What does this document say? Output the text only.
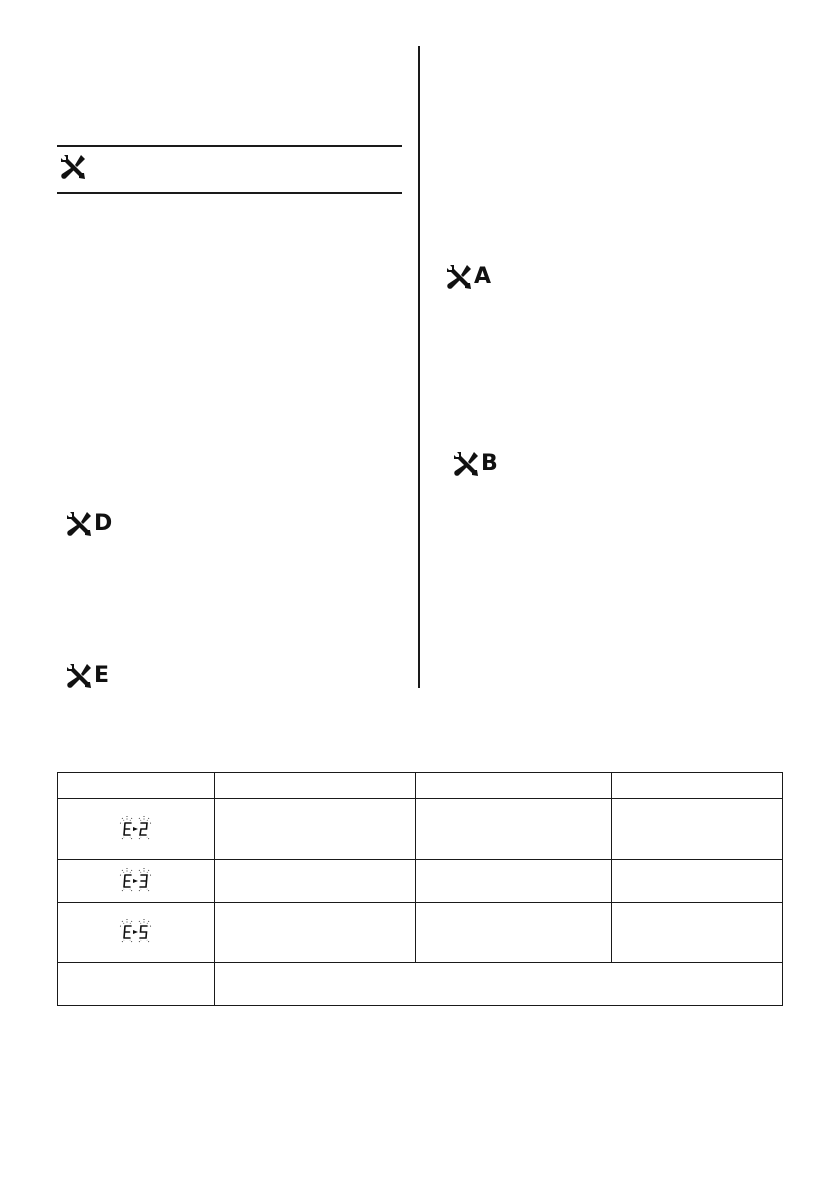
A
B
D
E
